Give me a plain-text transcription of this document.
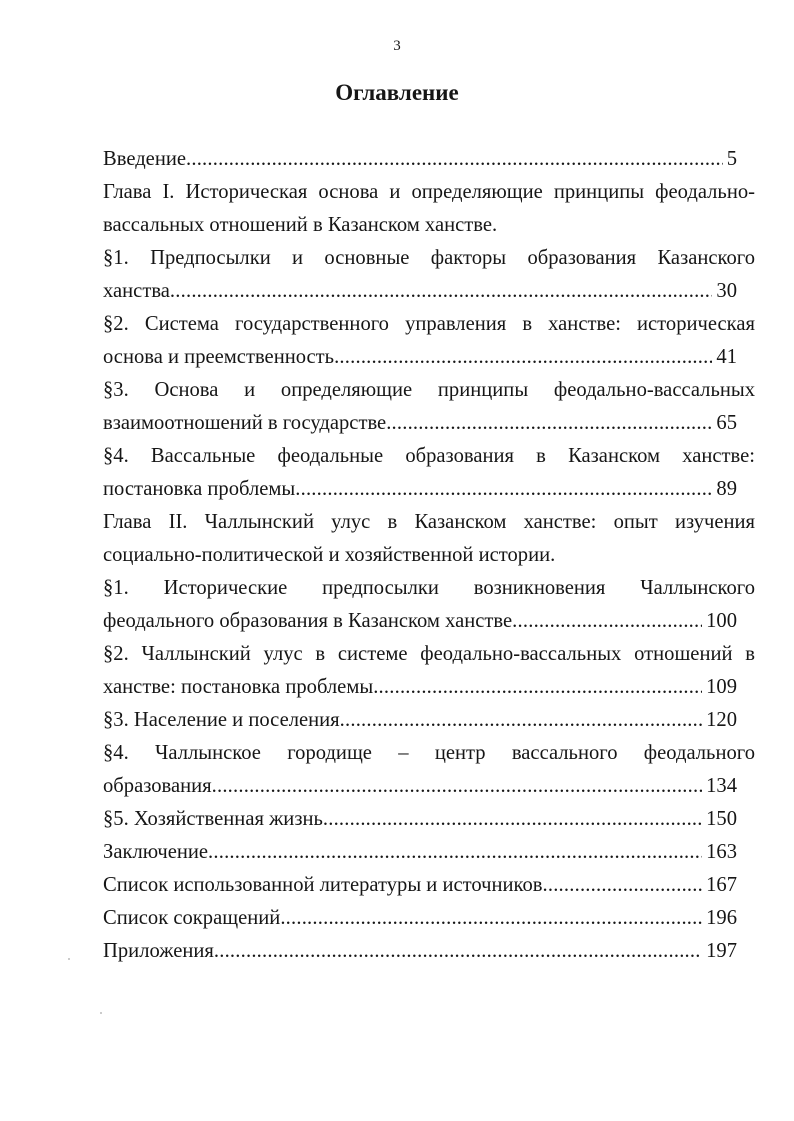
3
Оглавление
Введение .....	5
Глава I. Историческая основа и определяющие принципы феодально-
вассальных отношений в Казанском ханстве.
§1. Предпосылки и основные факторы образования Казанского
ханства .....	30
§2. Система государственного управления в ханстве: историческая
основа и преемственность .....	41
§3. Основа и определяющие принципы феодально-вассальных
взаимоотношений в государстве .....	65
§4. Вассальные феодальные образования в Казанском ханстве:
постановка проблемы .....	89
Глава II. Чаллынский улус в Казанском ханстве: опыт изучения
социально-политической и хозяйственной истории.
§1. Исторические предпосылки возникновения Чаллынского
феодального образования в Казанском ханстве .....	100
§2. Чаллынский улус в системе феодально-вассальных отношений в
ханстве: постановка проблемы .....	109
§3. Население и поселения .....	120
§4. Чаллынское городище – центр вассального феодального
образования .....	134
§5. Хозяйственная жизнь .....	150
Заключение .....	163
Список использованной литературы и источников .....	167
Список сокращений .....	196
Приложения .....	197
